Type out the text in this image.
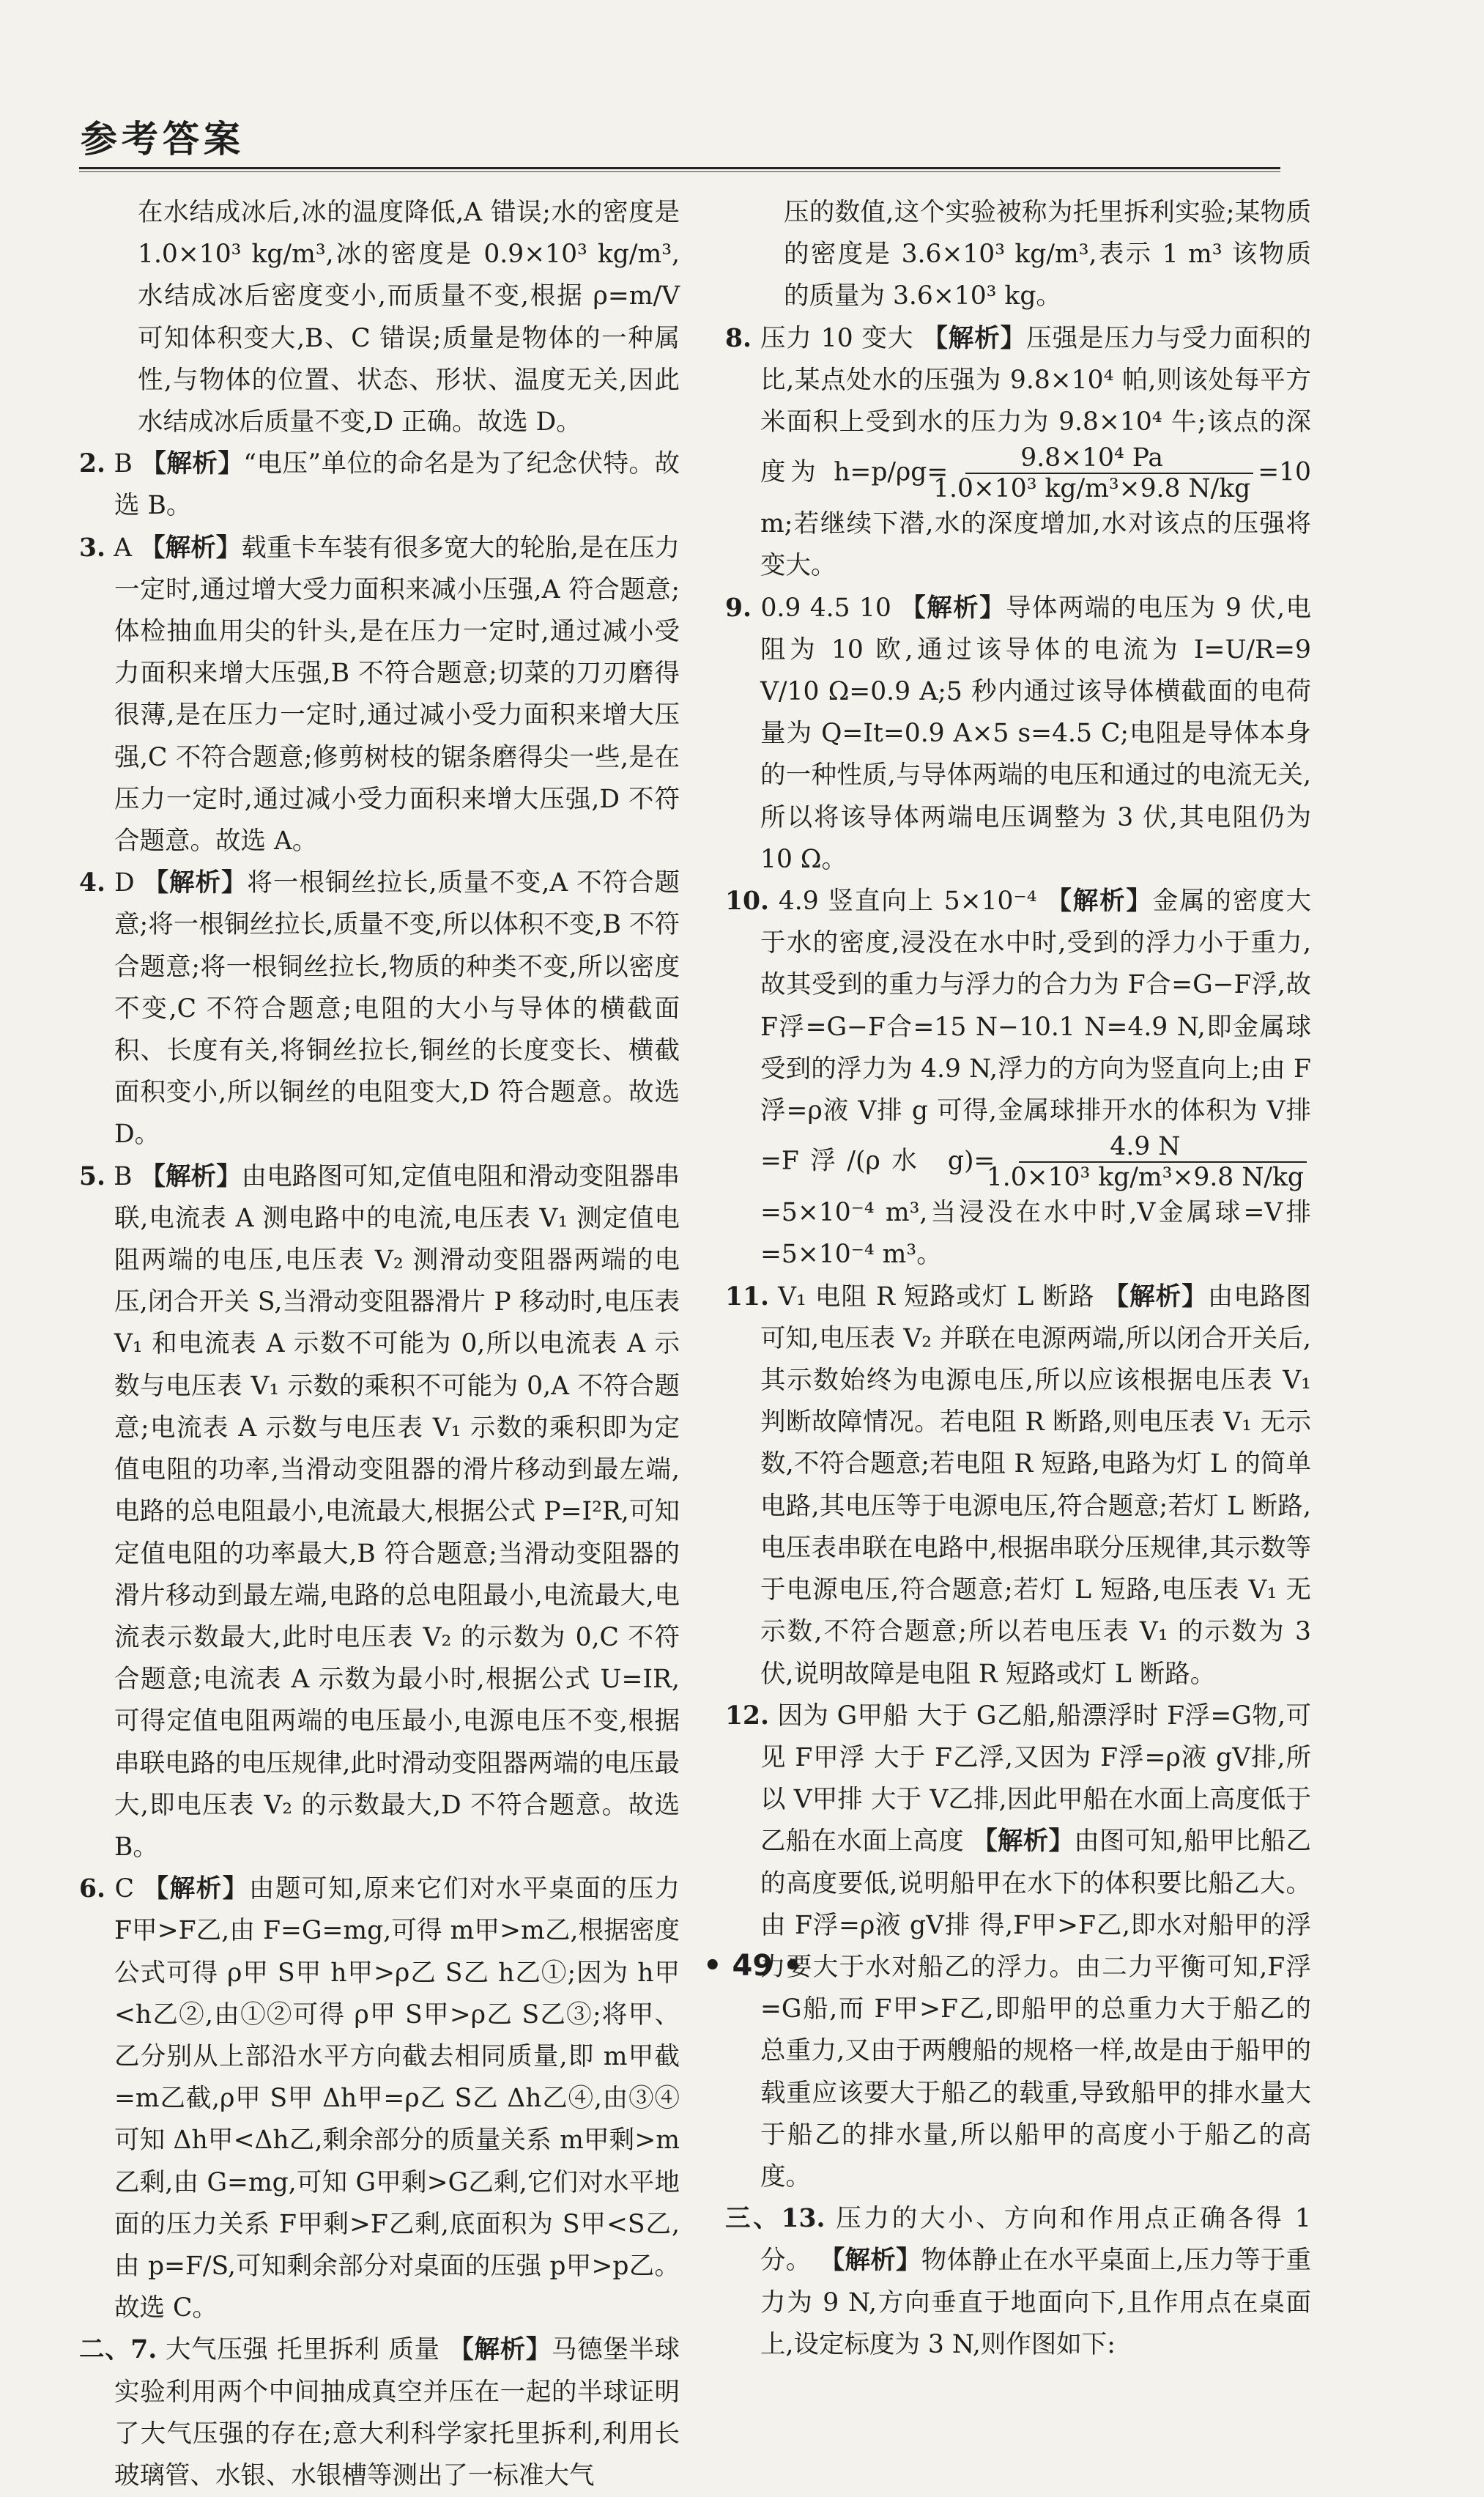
参考答案

在水结成冰后,冰的温度降低,A 错误;水的密度是 1.0×10³ kg/m³,冰的密度是 0.9×10³ kg/m³,水结成冰后密度变小,而质量不变,根据 ρ=m/V 可知体积变大,B、C 错误;质量是物体的一种属性,与物体的位置、状态、形状、温度无关,因此水结成冰后质量不变,D 正确。故选 D。

2. B 【解析】“电压”单位的命名是为了纪念伏特。故选 B。

3. A 【解析】载重卡车装有很多宽大的轮胎,是在压力一定时,通过增大受力面积来减小压强,A 符合题意;体检抽血用尖的针头,是在压力一定时,通过减小受力面积来增大压强,B 不符合题意;切菜的刀刃磨得很薄,是在压力一定时,通过减小受力面积来增大压强,C 不符合题意;修剪树枝的锯条磨得尖一些,是在压力一定时,通过减小受力面积来增大压强,D 不符合题意。故选 A。

4. D 【解析】将一根铜丝拉长,质量不变,A 不符合题意;将一根铜丝拉长,质量不变,所以体积不变,B 不符合题意;将一根铜丝拉长,物质的种类不变,所以密度不变,C 不符合题意;电阻的大小与导体的横截面积、长度有关,将铜丝拉长,铜丝的长度变长、横截面积变小,所以铜丝的电阻变大,D 符合题意。故选 D。

5. B 【解析】由电路图可知,定值电阻和滑动变阻器串联,电流表 A 测电路中的电流,电压表 V₁ 测定值电阻两端的电压,电压表 V₂ 测滑动变阻器两端的电压,闭合开关 S,当滑动变阻器滑片 P 移动时,电压表 V₁ 和电流表 A 示数不可能为 0,所以电流表 A 示数与电压表 V₁ 示数的乘积不可能为 0,A 不符合题意;电流表 A 示数与电压表 V₁ 示数的乘积即为定值电阻的功率,当滑动变阻器的滑片移动到最左端,电路的总电阻最小,电流最大,根据公式 P=I²R,可知定值电阻的功率最大,B 符合题意;当滑动变阻器的滑片移动到最左端,电路的总电阻最小,电流最大,电流表示数最大,此时电压表 V₂ 的示数为 0,C 不符合题意;电流表 A 示数为最小时,根据公式 U=IR,可得定值电阻两端的电压最小,电源电压不变,根据串联电路的电压规律,此时滑动变阻器两端的电压最大,即电压表 V₂ 的示数最大,D 不符合题意。故选 B。

6. C 【解析】由题可知,原来它们对水平桌面的压力 F甲>F乙,由 F=G=mg,可得 m甲>m乙,根据密度公式可得 ρ甲 S甲 h甲>ρ乙 S乙 h乙①;因为 h甲<h乙②,由①②可得 ρ甲 S甲>ρ乙 S乙③;将甲、乙分别从上部沿水平方向截去相同质量,即 m甲截=m乙截,ρ甲 S甲 Δh甲=ρ乙 S乙 Δh乙④,由③④可知 Δh甲<Δh乙,剩余部分的质量关系 m甲剩>m乙剩,由 G=mg,可知 G甲剩>G乙剩,它们对水平地面的压力关系 F甲剩>F乙剩,底面积为 S甲<S乙,由 p=F/S,可知剩余部分对桌面的压强 p甲>p乙。故选 C。

二、7. 大气压强 托里拆利 质量 【解析】马德堡半球实验利用两个中间抽成真空并压在一起的半球证明了大气压强的存在;意大利科学家托里拆利,利用长玻璃管、水银、水银槽等测出了一标准大气

压的数值,这个实验被称为托里拆利实验;某物质的密度是 3.6×10³ kg/m³,表示 1 m³ 该物质的质量为 3.6×10³ kg。

8. 压力 10 变大 【解析】压强是压力与受力面积的比,某点处水的压强为 9.8×10⁴ 帕,则该处每平方米面积上受到水的压力为 9.8×10⁴ 牛;该点的深度为 $h=p/\rho g= \frac{\text{9.8×10⁴ Pa}}{\text{1.0×10³ kg/m³×9.8 N/kg}} =10$ m;若继续下潜,水的深度增加,水对该点的压强将变大。

9. 0.9 4.5 10 【解析】导体两端的电压为 9 伏,电阻为 10 欧,通过该导体的电流为 I=U/R=9 V/10 Ω=0.9 A;5 秒内通过该导体横截面的电荷量为 Q=It=0.9 A×5 s=4.5 C;电阻是导体本身的一种性质,与导体两端的电压和通过的电流无关,所以将该导体两端电压调整为 3 伏,其电阻仍为 10 Ω。

10. 4.9 竖直向上 5×10⁻⁴ 【解析】金属的密度大于水的密度,浸没在水中时,受到的浮力小于重力,故其受到的重力与浮力的合力为 F合=G−F浮,故 F浮=G−F合=15 N−10.1 N=4.9 N,即金属球受到的浮力为 4.9 N,浮力的方向为竖直向上;由 F浮=ρ液 V排 g 可得,金属球排开水的体积为 V排=F浮/(ρ水 $g)= \frac{4.9 N}{\text{1.0×10³ kg/m³×9.8 N/kg}}$
=5×10⁻⁴ m³,当浸没在水中时,V金属球=V排=5×10⁻⁴ m³。

11. V₁ 电阻 R 短路或灯 L 断路 【解析】由电路图可知,电压表 V₂ 并联在电源两端,所以闭合开关后,其示数始终为电源电压,所以应该根据电压表 V₁ 判断故障情况。若电阻 R 断路,则电压表 V₁ 无示数,不符合题意;若电阻 R 短路,电路为灯 L 的简单电路,其电压等于电源电压,符合题意;若灯 L 断路,电压表串联在电路中,根据串联分压规律,其示数等于电源电压,符合题意;若灯 L 短路,电压表 V₁ 无示数,不符合题意;所以若电压表 V₁ 的示数为 3 伏,说明故障是电阻 R 短路或灯 L 断路。

12. 因为 G甲船 大于 G乙船,船漂浮时 F浮=G物,可见 F甲浮 大于 F乙浮,又因为 F浮=ρ液 gV排,所以 V甲排 大于 V乙排,因此甲船在水面上高度低于乙船在水面上高度 【解析】由图可知,船甲比船乙的高度要低,说明船甲在水下的体积要比船乙大。由 F浮=ρ液 gV排 得,F甲>F乙,即水对船甲的浮力要大于水对船乙的浮力。由二力平衡可知,F浮=G船,而 F甲>F乙,即船甲的总重力大于船乙的总重力,又由于两艘船的规格一样,故是由于船甲的载重应该要大于船乙的载重,导致船甲的排水量大于船乙的排水量,所以船甲的高度小于船乙的高度。

三、13. 压力的大小、方向和作用点正确各得 1 分。 【解析】物体静止在水平桌面上,压力等于重力为 9 N,方向垂直于地面向下,且作用点在桌面上,设定标度为 3 N,则作图如下:

• 49 •
